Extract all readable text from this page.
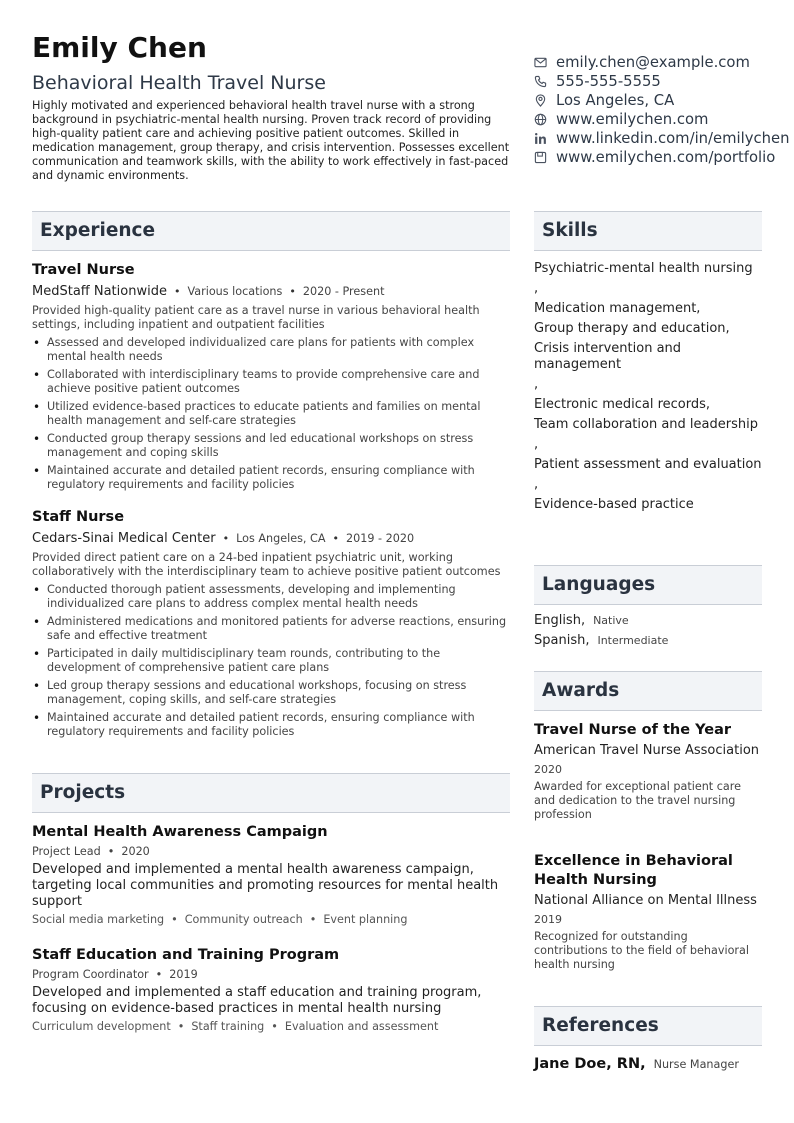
Emily Chen
Behavioral Health Travel Nurse
Highly motivated and experienced behavioral health travel nurse with a strong background in psychiatric-mental health nursing. Proven track record of providing high-quality patient care and achieving positive patient outcomes. Skilled in medication management, group therapy, and crisis intervention. Possesses excellent communication and teamwork skills, with the ability to work effectively in fast-paced and dynamic environments.
emily.chen@example.com
555-555-5555
Los Angeles, CA
www.emilychen.com
www.linkedin.com/in/emilychen
www.emilychen.com/portfolio
Experience
Travel Nurse
MedStaff Nationwide • Various locations • 2020 - Present
Provided high-quality patient care as a travel nurse in various behavioral health settings, including inpatient and outpatient facilities
• Assessed and developed individualized care plans for patients with complex mental health needs
• Collaborated with interdisciplinary teams to provide comprehensive care and achieve positive patient outcomes
• Utilized evidence-based practices to educate patients and families on mental health management and self-care strategies
• Conducted group therapy sessions and led educational workshops on stress management and coping skills
• Maintained accurate and detailed patient records, ensuring compliance with regulatory requirements and facility policies
Staff Nurse
Cedars-Sinai Medical Center • Los Angeles, CA • 2019 - 2020
Provided direct patient care on a 24-bed inpatient psychiatric unit, working collaboratively with the interdisciplinary team to achieve positive patient outcomes
• Conducted thorough patient assessments, developing and implementing individualized care plans to address complex mental health needs
• Administered medications and monitored patients for adverse reactions, ensuring safe and effective treatment
• Participated in daily multidisciplinary team rounds, contributing to the development of comprehensive patient care plans
• Led group therapy sessions and educational workshops, focusing on stress management, coping skills, and self-care strategies
• Maintained accurate and detailed patient records, ensuring compliance with regulatory requirements and facility policies
Projects
Mental Health Awareness Campaign
Project Lead • 2020
Developed and implemented a mental health awareness campaign, targeting local communities and promoting resources for mental health support
Social media marketing • Community outreach • Event planning
Staff Education and Training Program
Program Coordinator • 2019
Developed and implemented a staff education and training program, focusing on evidence-based practices in mental health nursing
Curriculum development • Staff training • Evaluation and assessment
Skills
Psychiatric-mental health nursing
,
Medication management,
Group therapy and education,
Crisis intervention and management
,
Electronic medical records,
Team collaboration and leadership
,
Patient assessment and evaluation
,
Evidence-based practice
Languages
English, Native
Spanish, Intermediate
Awards
Travel Nurse of the Year
American Travel Nurse Association
2020
Awarded for exceptional patient care and dedication to the travel nursing profession
Excellence in Behavioral Health Nursing
National Alliance on Mental Illness
2019
Recognized for outstanding contributions to the field of behavioral health nursing
References
Jane Doe, RN, Nurse Manager
